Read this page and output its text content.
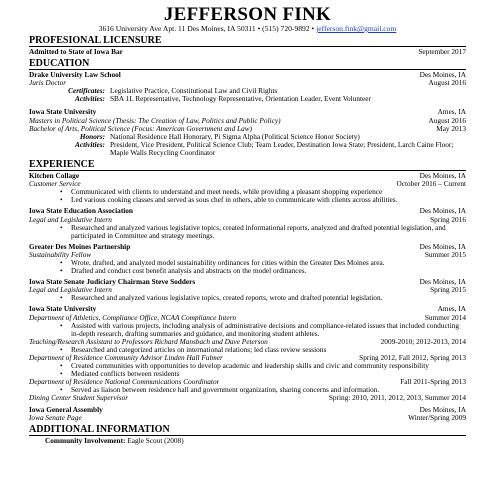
JEFFERSON FINK
3616 University Ave Apt. 11 Des Moines, IA 50311 • (515) 720-9892 • jefferson.fink@gmail.com
PROFESIONAL LICENSURE
Admitted to State of Iowa Bar	September 2017
EDUCATION
Drake University Law School	Des Moines, IA
Juris Doctor	August 2016
Certificates: Legislative Practice, Constitutional Law and Civil Rights
Activities: SBA 1L Representative, Technology Representative, Orientation Leader, Event Volunteer
Iowa State University	Ames, IA
Masters in Political Science (Thesis: The Creation of Law, Politics and Public Policy)	August 2016
Bachelor of Arts, Political Science (Focus: American Government and Law)	May 2013
Honors: National Residence Hall Honorary, Pi Sigma Alpha (Political Science Honor Society)
Activities: President, Vice President, Political Science Club; Team Leader, Destination Iowa State; President, Larch Caine Floor; Maple Walls Recycling Coordinator
EXPERIENCE
Kitchen Collage	Des Moines, IA
Customer Service	October 2016 – Current
• Communicated with clients to understand and meet needs, while providing a pleasant shopping experience
• Led various cooking classes and served as sous chef in others, able to communicate with clients across abilities.
Iowa State Education Association	Des Moines, IA
Legal and Legislative Intern	Spring 2016
• Researched and analyzed various legislative topics, created informational reports, analyzed and drafted potential legislation, and participated in Committee and strategy meetings.
Greater Des Moines Partnership	Des Moines, IA
Sustainability Fellow	Summer 2015
• Wrote, drafted, and analyzed model sustainability ordinances for cities within the Greater Des Moines area.
• Drafted and conduct cost benefit analysis and abstracts on the model ordinances.
Iowa State Senate Judiciary Chairman Steve Sodders	Des Moines, IA
Legal and Legislative Intern	Spring 2015
• Researched and analyzed various legislative topics, created reports, wrote and drafted potential legislation.
Iowa State University	Ames, IA
Department of Athletics, Compliance Office, NCAA Compliance Intern	Summer 2014
• Assisted with various projects, including analysis of administrative decisions and compliance-related issues that included conducting in-depth research, drafting summaries and guidance, and monitoring student athletes.
Teaching/Research Assistant to Professors Richard Mansbach and Dave Peterson	2009-2010; 2012-2013, 2014
• Researched and categorized articles on international relations; led class review sessions
Department of Residence Community Advisor Linden Hall Fulmer	Spring 2012, Fall 2012, Spring 2013
• Created communities with opportunities to develop academic and leadership skills and civic and community responsibility
• Mediated conflicts between residents
Department of Residence National Communications Coordinator	Fall 2011-Spring 2013
• Served as liaison between residence hall and government organization, sharing concerns and information.
Dining Center Student Supervisor	Spring: 2010, 2011, 2012, 2013, Summer 2014
Iowa General Assembly	Des Moines, IA
Iowa Senate Page	Winter/Spring 2009
ADDITIONAL INFORMATION
Community Involvement: Eagle Scout (2008)
